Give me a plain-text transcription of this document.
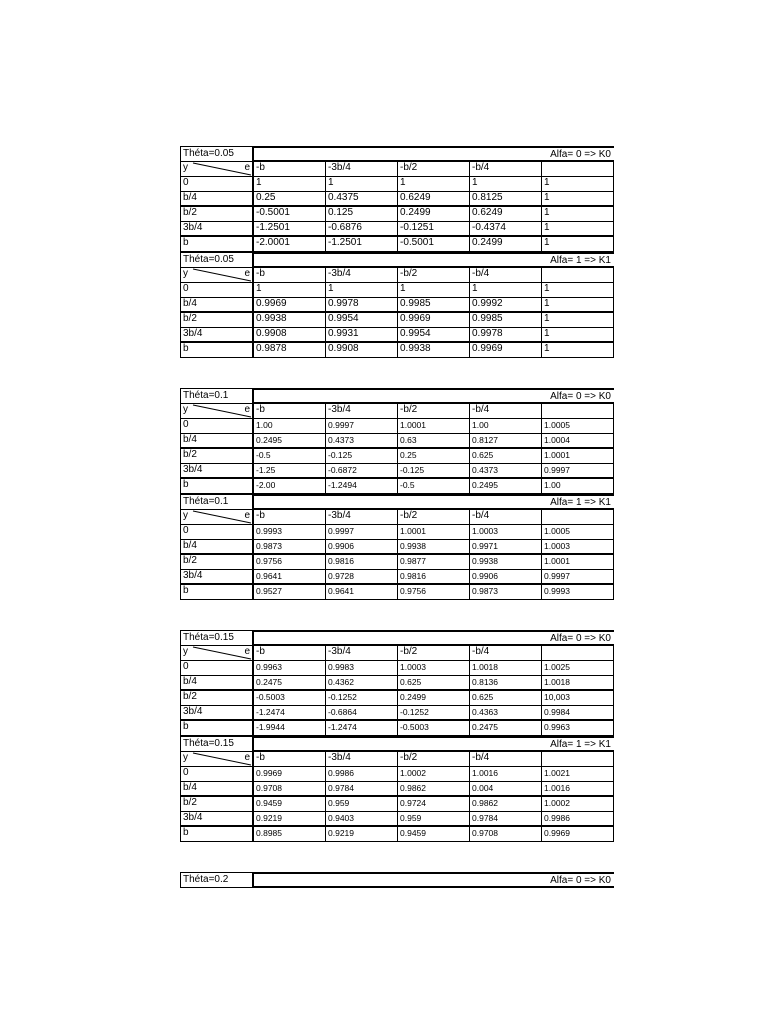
Théta=0.05	Alfa= 0 => K0
y	e -b	-3b/4	-b/2	-b/4
0	1	1	1	1	1
b/4	0.25	0.4375	0.6249	0.8125	1
b/2	-0.5001	0.125	0.2499	0.6249	1
3b/4	-1.2501	-0.6876	-0.1251	-0.4374	1
b	-2.0001	-1.2501	-0.5001	0.2499	1
Théta=0.05	Alfa= 1 => K1
y	e -b	-3b/4	-b/2	-b/4
0	1	1	1	1	1
b/4	0.9969	0.9978	0.9985	0.9992	1
b/2	0.9938	0.9954	0.9969	0.9985	1
3b/4	0.9908	0.9931	0.9954	0.9978	1
b	0.9878	0.9908	0.9938	0.9969	1
Théta=0.1	Alfa= 0 => K0
y	e -b	-3b/4	-b/2	-b/4
0	1.00	0.9997	1.0001	1.00	1.0005
b/4	0.2495	0.4373	0.63	0.8127	1.0004
b/2	-0.5	-0.125	0.25	0.625	1.0001
3b/4	-1.25	-0.6872	-0.125	0.4373	0.9997
b	-2.00	-1.2494	-0.5	0.2495	1.00
Théta=0.1	Alfa= 1 => K1
y	e -b	-3b/4	-b/2	-b/4
0	0.9993	0.9997	1.0001	1.0003	1.0005
b/4	0.9873	0.9906	0.9938	0.9971	1.0003
b/2	0.9756	0.9816	0.9877	0.9938	1.0001
3b/4	0.9641	0.9728	0.9816	0.9906	0.9997
b	0.9527	0.9641	0.9756	0.9873	0.9993
Théta=0.15	Alfa= 0 => K0
y	e -b	-3b/4	-b/2	-b/4
0	0.9963	0.9983	1.0003	1.0018	1.0025
b/4	0.2475	0.4362	0.625	0.8136	1.0018
b/2	-0.5003	-0.1252	0.2499	0.625	10,003
3b/4	-1.2474	-0.6864	-0.1252	0.4363	0.9984
b	-1.9944	-1.2474	-0.5003	0.2475	0.9963
Théta=0.15	Alfa= 1 => K1
y	e -b	-3b/4	-b/2	-b/4
0	0.9969	0.9986	1.0002	1.0016	1.0021
b/4	0.9708	0.9784	0.9862	0.004	1.0016
b/2	0.9459	0.959	0.9724	0.9862	1.0002
3b/4	0.9219	0.9403	0.959	0.9784	0.9986
b	0.8985	0.9219	0.9459	0.9708	0.9969
Théta=0.2	Alfa= 0 => K0
